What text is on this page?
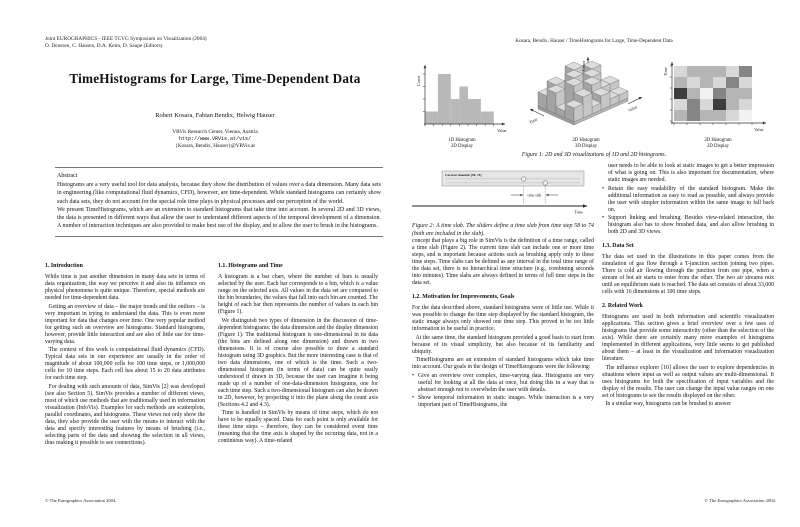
Joint EUROGRAPHICS - IEEE TCVG Symposium on Visualization (2004)
O. Deussen, C. Hansen, D.A. Keim, D. Saupe (Editors)
TimeHistograms for Large, Time-Dependent Data
Robert Kosara, Fabian Bendix, Helwig Hauser
VRVis Research Center, Vienna, Austria
http://www.VRVis.at/vis/
{Kosara, Bendix, Hauser}@VRVis.at
Abstract

Histograms are a very useful tool for data analysis, because they show the distribution of values over a data dimension. Many data sets in engineering (like computational fluid dynamics, CFD), however, are time-dependent. While standard histograms can certainly show such data sets, they do not account for the special role time plays in physical processes and our perception of the world.

We present TimeHistograms, which are an extension to standard histograms that take time into account. In several 2D and 3D views, the data is presented in different ways that allow the user to understand different aspects of the temporal development of a dimension. A number of interaction techniques are also provided to make best use of the display, and to allow the user to brush in the histograms.

1. Introduction

While time is just another dimension in many data sets in terms of data organization, the way we perceive it and also its influence on physical phenomena is quite unique. Therefore, special methods are needed for time-dependent data.

Getting an overview of data – the major trends and the outliers – is very important in trying to understand the data. This is even more important for data that changes over time. One very popular method for getting such an overview are histograms. Standard histograms, however, provide little interaction and are also of little use for time-varying data.

The context of this work is computational fluid dynamics (CFD). Typical data sets in our experience are usually in the order of magnitude of about 100,000 cells for 100 time steps, or 1,000,000 cells for 10 time steps. Each cell has about 15 to 20 data attributes for each time step.

For dealing with such amounts of data, SimVis [2] was developed (see also Section 5). SimVis provides a number of different views, most of which use methods that are traditionally used in information visualization (InfoVis). Examples for such methods are scatterplots, parallel coordinates, and histograms. These views not only show the data, they also provide the user with the means to interact with the data and specify interesting features by means of brushing (i.e., selecting parts of the data and showing the selection in all views, thus making it possible to see connections).

1.1. Histograms and Time

A histogram is a bar chart, where the number of bars is usually selected by the user. Each bar corresponds to a bin, which is a value range on the selected axis. All values in the data set are compared to the bin boundaries, the values that fall into each bin are counted. The height of each bar then represents the number of values in each bin (Figure 1).

We distinguish two types of dimension in the discussion of time-dependent histograms: the data dimension and the display dimension (Figure 1). The traditional histogram is one-dimensional in its data (the bins are defined along one dimension) and drawn in two dimensions. It is of course also possible to draw a standard histogram using 3D graphics. But the more interesting case is that of two data dimensions, one of which is the time. Such a two-dimensional histogram (in terms of data) can be quite easily understood if drawn in 3D, because the user can imagine it being made up of a number of one-data-dimension histograms, one for each time step. Such a two-dimensional histogram can also be drawn in 2D, however, by projecting it into the plane along the count axis (Sections 4.2 and 4.3).

Time is handled in SimVis by means of time steps, which do not have to be equally spaced. Data for each point is only available for these time steps – therefore, they can be considered event time (meaning that the time axis is shaped by the occuring data, not in a continuous way). A time-related

© The Eurographics Association 2004.
Kosara, Bendix, Hauser / TimeHistograms for Large, Time-Dependent Data
Count
Value
1D Histogram
2D Display
Count
Time
Value
2D Histogram
3D Display
Time
Value
2D Histogram
2D Display
Figure 1: 2D and 3D visualizations of 1D and 2D histograms.
Current timeslab [58, 74]
time slab
Time
Figure 2: A time slab. The sliders define a time slab from time step 58 to 74 (both are included in the slab).

concept that plays a big role in SimVis is the definition of a time range, called a time slab (Figure 2). The current time slab can include one or more time steps, and is important because actions such as brushing apply only to these time steps. Time slabs can be defined as any interval in the total time range of the data set, there is no hierarchical time structure (e.g., combining seconds into minutes). Time slabs are always defined in terms of full time steps in the data set.

1.2. Motivation for Improvements, Goals

For the data described above, standard histograms were of little use. While it was possible to change the time step displayed by the standard histogram, the static image always only showed one time step. This proved to be too little information to be useful in practice.

At the same time, the standard histogram provided a good basis to start from because of its visual simplicity, but also because of its familiarity and ubiquity.

TimeHistograms are an extension of standard histograms which take time into account. Our goals in the design of TimeHistograms were the following:

• Give an overview over complex, time-varying data. Histograms are very useful for looking at all the data at once, but doing this in a way that is abstract enough not to overwhelm the user with details.
• Show temporal information in static images. While interaction is a very important part of TimeHistograms, the
user needs to be able to look at static images to get a better impression of what is going on. This is also important for documentation, where static images are needed.
• Retain the easy readability of the standard histogram. Make the additional information as easy to read as possible, and always provide the user with simpler information within the same image to fall back on.
• Support linking and brushing. Besides view-related interaction, the histogram also has to show brushed data, and also allow brushing in both 2D and 3D views.
1.3. Data Set

The data set used in the illustrations in this paper comes from the simulation of gas flow through a T-junction section joining two pipes. There is cold air flowing through the junction from one pipe, when a stream of hot air starts to enter from the other. The two air streams mix until an equilibrium state is reached. The data set consists of about 33,000 cells with 16 dimensions at 100 time steps.

2. Related Work

Histograms are used in both information and scientific visualization applications. This section gives a brief overview over a few uses of histograms that provide some interactivity (other than the selection of the axis). While there are certainly many more examples of histograms implemented in different applications, very little seems to get published about them – at least in the visualization and information visualization literature.

The influence explorer [10] allows the user to explore dependencies in situations where input as well as output values are multi-dimensional. It uses histograms for both the specification of input variables and the display of the results. The user can change the input value ranges on one set of histograms to see the results displayed on the other.

In a similar way, histograms can be brushed to answer

© The Eurographics Association 2004.
